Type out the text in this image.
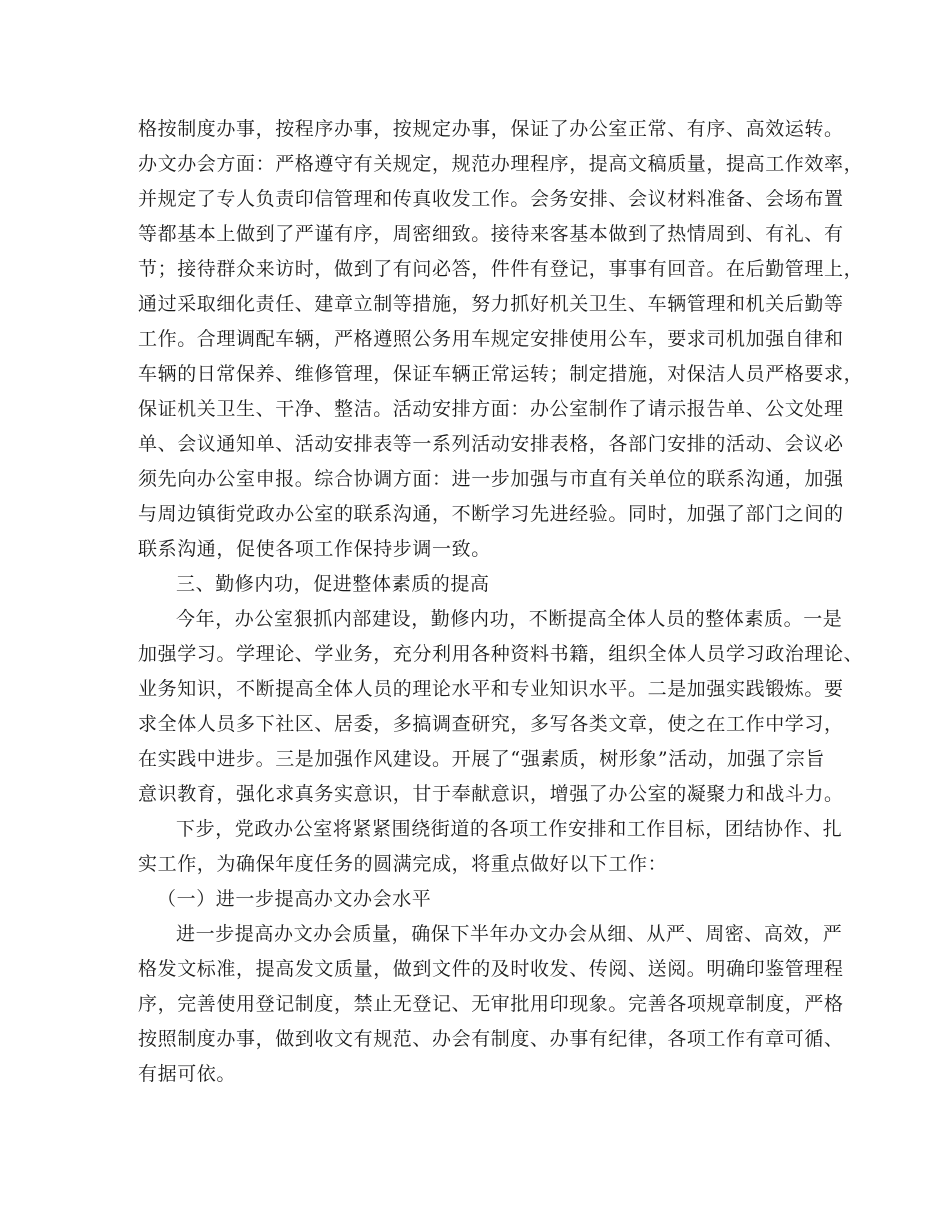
格按制度办事，按程序办事，按规定办事，保证了办公室正常、有序、高效运转。
办文办会方面：严格遵守有关规定，规范办理程序，提高文稿质量，提高工作效率，
并规定了专人负责印信管理和传真收发工作。会务安排、会议材料准备、会场布置
等都基本上做到了严谨有序，周密细致。接待来客基本做到了热情周到、有礼、有
节；接待群众来访时，做到了有问必答，件件有登记，事事有回音。在后勤管理上，
通过采取细化责任、建章立制等措施，努力抓好机关卫生、车辆管理和机关后勤等
工作。合理调配车辆，严格遵照公务用车规定安排使用公车，要求司机加强自律和
车辆的日常保养、维修管理，保证车辆正常运转；制定措施，对保洁人员严格要求，
保证机关卫生、干净、整洁。活动安排方面：办公室制作了请示报告单、公文处理
单、会议通知单、活动安排表等一系列活动安排表格，各部门安排的活动、会议必
须先向办公室申报。综合协调方面：进一步加强与市直有关单位的联系沟通，加强
与周边镇街党政办公室的联系沟通，不断学习先进经验。同时，加强了部门之间的
联系沟通，促使各项工作保持步调一致。
三、勤修内功，促进整体素质的提高
今年，办公室狠抓内部建设，勤修内功，不断提高全体人员的整体素质。一是
加强学习。学理论、学业务，充分利用各种资料书籍，组织全体人员学习政治理论、
业务知识，不断提高全体人员的理论水平和专业知识水平。二是加强实践锻炼。要
求全体人员多下社区、居委，多搞调查研究，多写各类文章，使之在工作中学习，
在实践中进步。三是加强作风建设。开展了“强素质，树形象”活动，加强了宗旨
意识教育，强化求真务实意识，甘于奉献意识，增强了办公室的凝聚力和战斗力。
下步，党政办公室将紧紧围绕街道的各项工作安排和工作目标，团结协作、扎
实工作，为确保年度任务的圆满完成，将重点做好以下工作：
（一）进一步提高办文办会水平
进一步提高办文办会质量，确保下半年办文办会从细、从严、周密、高效，严
格发文标准，提高发文质量，做到文件的及时收发、传阅、送阅。明确印鉴管理程
序，完善使用登记制度，禁止无登记、无审批用印现象。完善各项规章制度，严格
按照制度办事，做到收文有规范、办会有制度、办事有纪律，各项工作有章可循、
有据可依。
